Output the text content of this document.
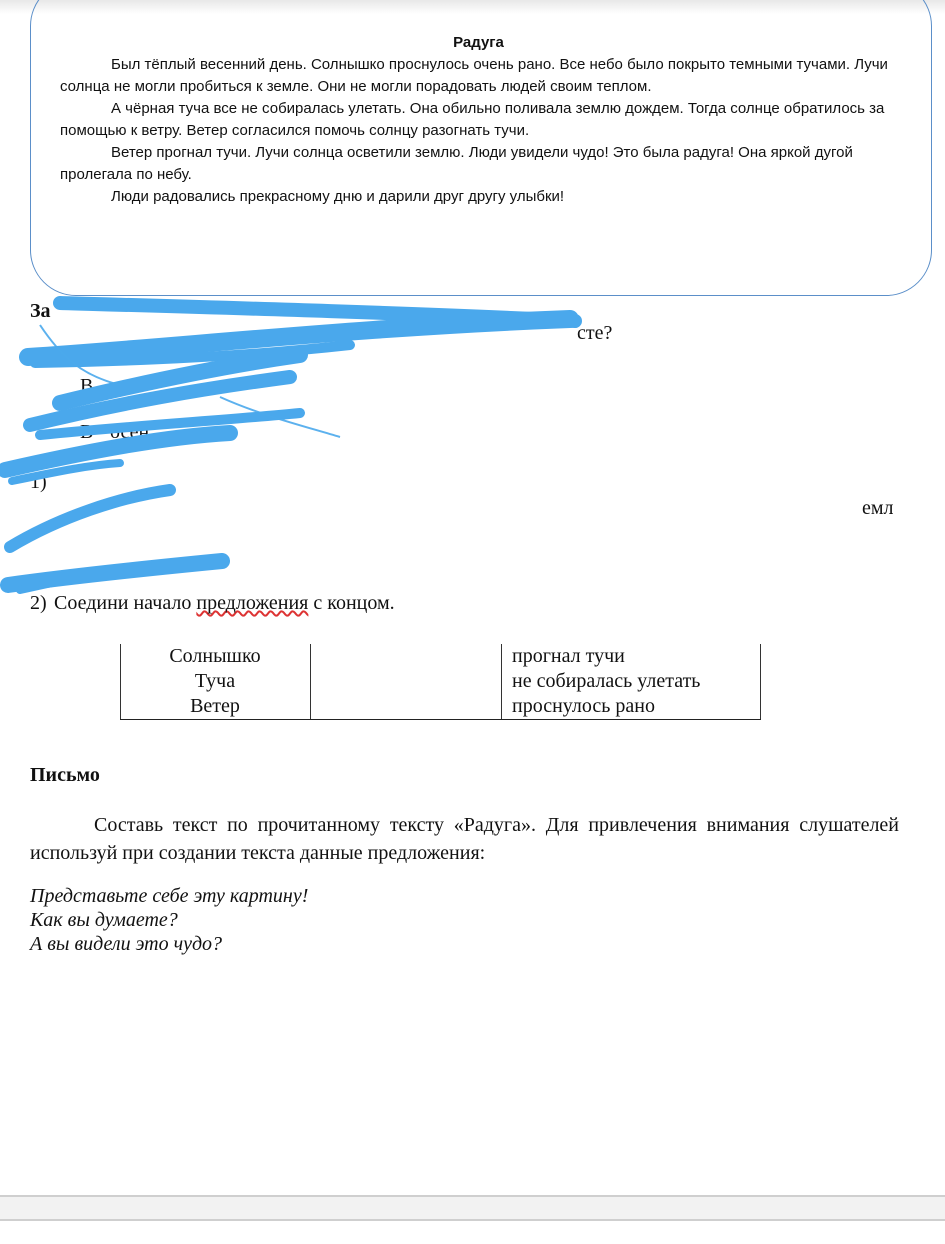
Радуга

Был тёплый весенний день. Солнышко проснулось очень рано. Все небо было покрыто темными тучами. Лучи солнца не могли пробиться к земле. Они не могли порадовать людей своим теплом.

А чёрная туча все не собиралась улетать. Она обильно поливала землю дождем. Тогда солнце обратилось за помощью к ветру. Ветер согласился помочь солнцу разогнать тучи.

Ветер прогнал тучи. Лучи солнца осветили землю. Люди увидели чудо! Это была радуга! Она яркой дугой пролегала по небу.

Люди радовались прекрасному дню и дарили друг другу улыбки!

За
сте?
В
В осен
1)
емл
2) Соедини начало предложения с концом.
Солнышко
Туча
Ветер
прогнал тучи
не собиралась улетать
проснулось рано
Письмо

Составь текст по прочитанному тексту «Радуга». Для привлечения внимания слушателей используй при создании текста данные предложения:

Представьте себе эту картину!
Как вы думаете?
А вы видели это чудо?
